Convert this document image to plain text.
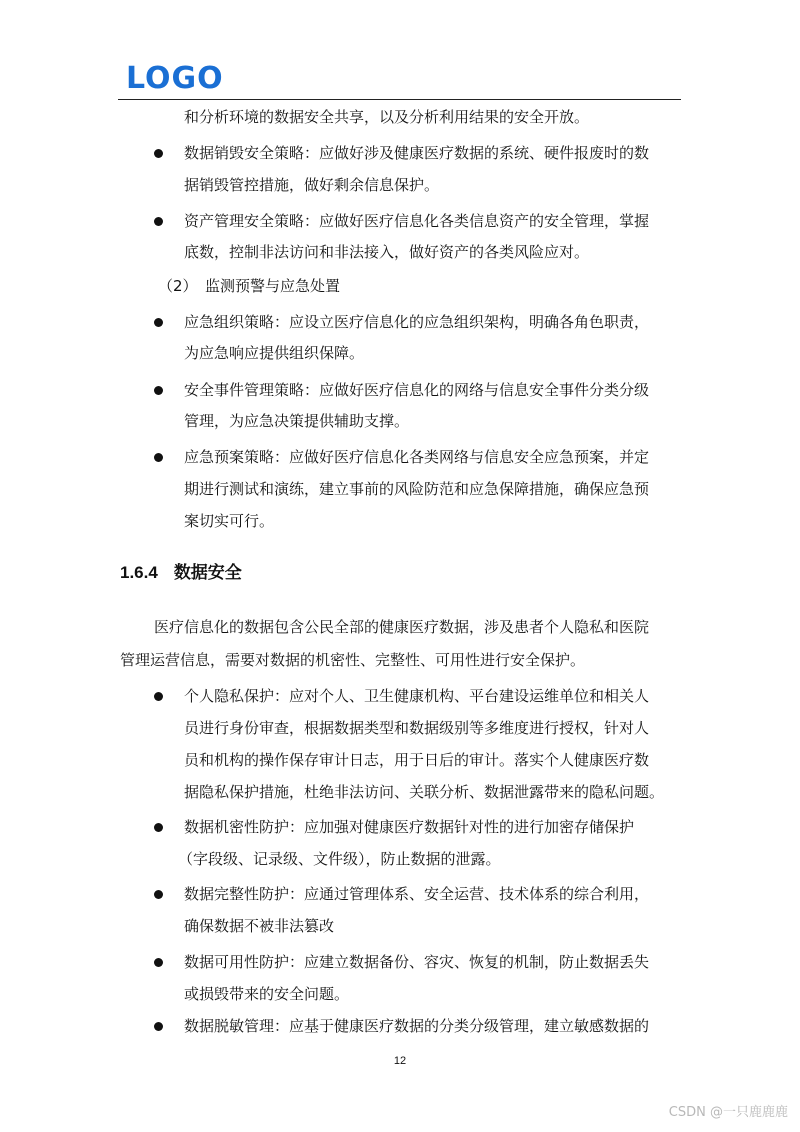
LOGO
和分析环境的数据安全共享，以及分析利用结果的安全开放。
数据销毁安全策略：应做好涉及健康医疗数据的系统、硬件报废时的数
据销毁管控措施，做好剩余信息保护。
资产管理安全策略：应做好医疗信息化各类信息资产的安全管理，掌握
底数，控制非法访问和非法接入，做好资产的各类风险应对。
（2）　监测预警与应急处置
应急组织策略：应设立医疗信息化的应急组织架构，明确各角色职责，
为应急响应提供组织保障。
安全事件管理策略：应做好医疗信息化的网络与信息安全事件分类分级
管理，为应急决策提供辅助支撑。
应急预案策略：应做好医疗信息化各类网络与信息安全应急预案，并定
期进行测试和演练，建立事前的风险防范和应急保障措施，确保应急预
案切实可行。
1.6.4 数据安全
医疗信息化的数据包含公民全部的健康医疗数据，涉及患者个人隐私和医院
管理运营信息，需要对数据的机密性、完整性、可用性进行安全保护。
个人隐私保护：应对个人、卫生健康机构、平台建设运维单位和相关人
员进行身份审查，根据数据类型和数据级别等多维度进行授权，针对人
员和机构的操作保存审计日志，用于日后的审计。落实个人健康医疗数
据隐私保护措施，杜绝非法访问、关联分析、数据泄露带来的隐私问题。
数据机密性防护：应加强对健康医疗数据针对性的进行加密存储保护
（字段级、记录级、文件级），防止数据的泄露。
数据完整性防护：应通过管理体系、安全运营、技术体系的综合利用，
确保数据不被非法篡改
数据可用性防护：应建立数据备份、容灾、恢复的机制，防止数据丢失
或损毁带来的安全问题。
数据脱敏管理：应基于健康医疗数据的分类分级管理，建立敏感数据的
12
CSDN @一只鹿鹿鹿
